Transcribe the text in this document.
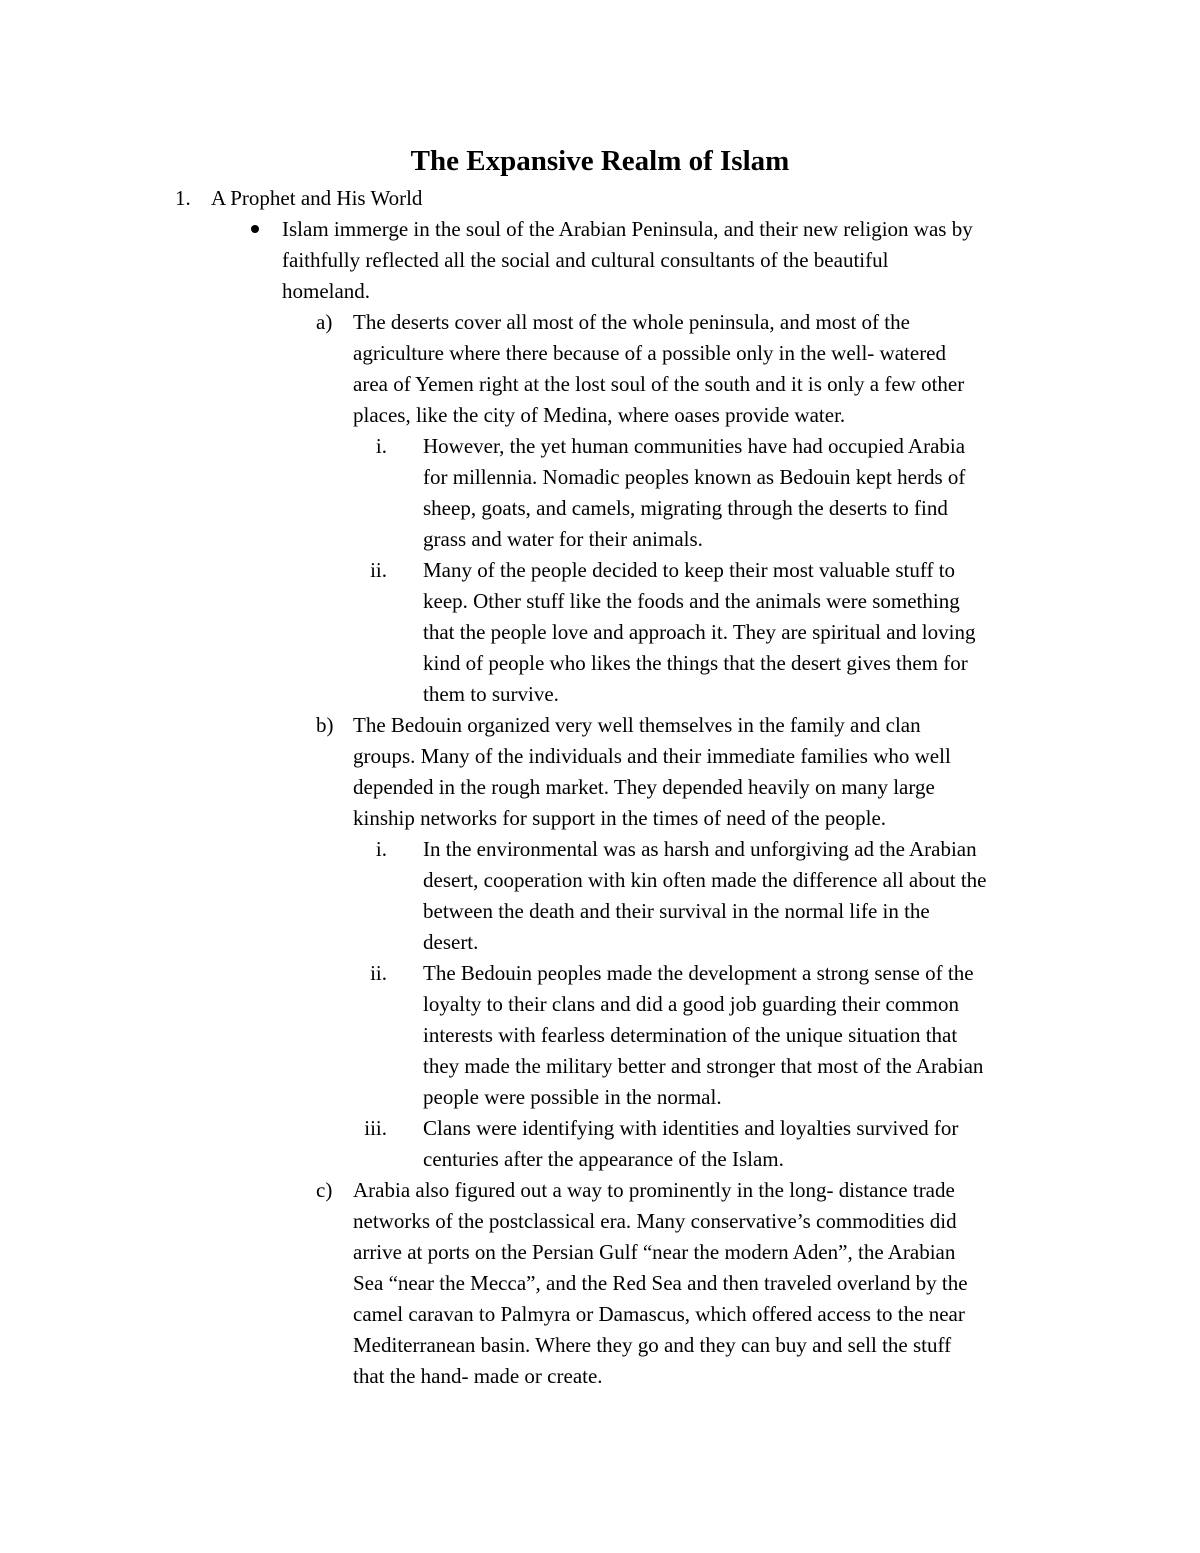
The Expansive Realm of Islam
1. A Prophet and His World
Islam immerge in the soul of the Arabian Peninsula, and their new religion was by
faithfully reflected all the social and cultural consultants of the beautiful
homeland.
a) The deserts cover all most of the whole peninsula, and most of the
agriculture where there because of a possible only in the well- watered
area of Yemen right at the lost soul of the south and it is only a few other
places, like the city of Medina, where oases provide water.
i. However, the yet human communities have had occupied Arabia
for millennia. Nomadic peoples known as Bedouin kept herds of
sheep, goats, and camels, migrating through the deserts to find
grass and water for their animals.
ii. Many of the people decided to keep their most valuable stuff to
keep. Other stuff like the foods and the animals were something
that the people love and approach it. They are spiritual and loving
kind of people who likes the things that the desert gives them for
them to survive.
b) The Bedouin organized very well themselves in the family and clan
groups. Many of the individuals and their immediate families who well
depended in the rough market. They depended heavily on many large
kinship networks for support in the times of need of the people.
i. In the environmental was as harsh and unforgiving ad the Arabian
desert, cooperation with kin often made the difference all about the
between the death and their survival in the normal life in the
desert.
ii. The Bedouin peoples made the development a strong sense of the
loyalty to their clans and did a good job guarding their common
interests with fearless determination of the unique situation that
they made the military better and stronger that most of the Arabian
people were possible in the normal.
iii. Clans were identifying with identities and loyalties survived for
centuries after the appearance of the Islam.
c) Arabia also figured out a way to prominently in the long- distance trade
networks of the postclassical era. Many conservative’s commodities did
arrive at ports on the Persian Gulf “near the modern Aden”, the Arabian
Sea “near the Mecca”, and the Red Sea and then traveled overland by the
camel caravan to Palmyra or Damascus, which offered access to the near
Mediterranean basin. Where they go and they can buy and sell the stuff
that the hand- made or create.
